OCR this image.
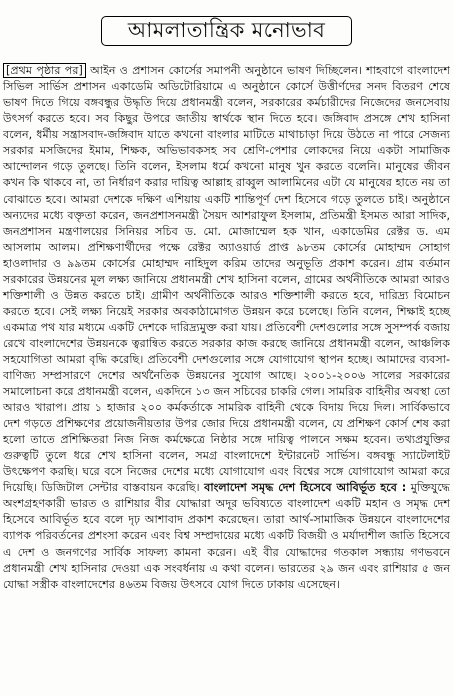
আমলাতান্ত্রিক মনোভাব
[প্রথম পৃষ্ঠার পর] আইন ও প্রশাসন কোর্সের সমাপনী অনুষ্ঠানে ভাষণ দিচ্ছিলেন। শাহবাগে বাংলাদেশ সিভিল সার্ভিস প্রশাসন একাডেমি অডিটোরিয়ামে এ অনুষ্ঠানে কোর্সে উত্তীর্ণদের সনদ বিতরণ শেষে ভাষণ দিতে গিয়ে বঙ্গবন্ধুর উদ্ধৃতি দিয়ে প্রধানমন্ত্রী বলেন, সরকারের কর্মচারীদের নিজেদের জনসেবায় উৎসর্গ করতে হবে। সব কিছুর উপরে জাতীয় স্বার্থকে স্থান দিতে হবে। জঙ্গিবাদ প্রসঙ্গে শেখ হাসিনা বলেন, ধর্মীয় সন্ত্রাসবাদ-জঙ্গিবাদ যাতে কখনো বাংলার মাটিতে মাথাচাড়া দিয়ে উঠতে না পারে সেজন্য সরকার মসজিদের ইমাম, শিক্ষক, অভিভাবকসহ সব শ্রেণি-পেশার লোকদের নিয়ে একটা সামাজিক আন্দোলন গড়ে তুলছে। তিনি বলেন, ইসলাম ধর্মে কখনো মানুষ খুন করতে বলেনি। মানুষের জীবন কখন কি থাকবে না, তা নির্ধারণ করার দায়িত্ব আল্লাহ রাব্বুল আলামিনের এটা যে মানুষের হাতে নয় তা বোঝাতে হবে। আমরা দেশকে দক্ষিণ এশিয়ায় একটি শান্তিপূর্ণ দেশ হিসেবে গড়ে তুলতে চাই। অনুষ্ঠানে অন্যদের মধ্যে বক্তৃতা করেন, জনপ্রশাসনমন্ত্রী সৈয়দ আশরাফুল ইসলাম, প্রতিমন্ত্রী ইসমত আরা সাদিক, জনপ্রশাসন মন্ত্রণালয়ের সিনিয়র সচিব ড. মো. মোজাম্মেল হক খান, একাডেমির রেক্টর ড. এম আসলাম আলম। প্রশিক্ষণার্থীদের পক্ষে রেক্টর অ্যাওয়ার্ড প্রাপ্ত ৯৮তম কোর্সের মোহাম্মদ সোহাগ হাওলাদার ও ৯৯তম কোর্সের মোহাম্মদ নাহিদুল করিম তাদের অনুভূতি প্রকাশ করেন। গ্রাম বর্তমান সরকারের উন্নয়নের মূল লক্ষ্য জানিয়ে প্রধানমন্ত্রী শেখ হাসিনা বলেন, গ্রামের অর্থনীতিকে আমরা আরও শক্তিশালী ও উন্নত করতে চাই। গ্রামীণ অর্থনীতিকে আরও শক্তিশালী করতে হবে, দারিদ্র্য বিমোচন করতে হবে। সেই লক্ষ্য নিয়েই সরকার অবকাঠামোগত উন্নয়ন করে চলেছে। তিনি বলেন, শিক্ষাই হচ্ছে একমাত্র পথ যার মধ্যমে একটি দেশকে দারিদ্র্যমুক্ত করা যায়। প্রতিবেশী দেশগুলোর সঙ্গে সুসম্পর্ক বজায় রেখে বাংলাদেশের উন্নয়নকে ত্বরান্বিত করতে সরকার কাজ করছে জানিয়ে প্রধানমন্ত্রী বলেন, আঞ্চলিক সহযোগিতা আমরা বৃদ্ধি করেছি। প্রতিবেশী দেশগুলোর সঙ্গে যোগাযোগ স্থাপন হচ্ছে। আমাদের ব্যবসা-বাণিজ্য সম্প্রসারণে দেশের অর্থনৈতিক উন্নয়নের সুযোগ আছে। ২০০১-২০০৬ সালের সরকারের সমালোচনা করে প্রধানমন্ত্রী বলেন, একদিনে ১৩ জন সচিবের চাকরি গেল। সামরিক বাহিনীর অবস্থা তো আরও খারাপ। প্রায় ১ হাজার ২০০ কর্মকর্তাকে সামরিক বাহিনী থেকে বিদায় দিয়ে দিল। সার্বিকভাবে দেশ গড়তে প্রশিক্ষণের প্রয়োজনীয়তার উপর জোর দিয়ে প্রধানমন্ত্রী বলেন, যে প্রশিক্ষণ কোর্স শেষ করা হলো তাতে প্রশিক্ষিতরা নিজ নিজ কর্মক্ষেত্রে নিষ্ঠার সঙ্গে দায়িত্ব পালনে সক্ষম হবেন। তথ্যপ্রযুক্তির গুরুত্বটি তুলে ধরে শেখ হাসিনা বলেন, সমগ্র বাংলাদেশে ইন্টারনেট সার্ভিস। বঙ্গবন্ধু স্যাটেলাইট উৎক্ষেপণ করছি। ঘরে বসে নিজের দেশের মধ্যে যোগাযোগ এবং বিশ্বের সঙ্গে যোগাযোগ আমরা করে দিয়েছি। ডিজিটাল সেন্টার বাস্তবায়ন করেছি। বাংলাদেশ সমৃদ্ধ দেশ হিসেবে আবির্ভূত হবে : মুক্তিযুদ্ধে অংশগ্রহণকারী ভারত ও রাশিয়ার বীর যোদ্ধারা অদূর ভবিষ্যতে বাংলাদেশ একটি মহান ও সমৃদ্ধ দেশ হিসেবে আবির্ভূত হবে বলে দৃঢ় আশাবাদ প্রকাশ করেছেন। তারা আর্থ-সামাজিক উন্নয়নে বাংলাদেশের ব্যাপক পরিবর্তনের প্রশংসা করেন এবং বিশ্ব সম্প্রদায়ের মধ্যে একটি বিজয়ী ও মর্যাদাশীল জাতি হিসেবে এ দেশ ও জনগণের সার্বিক সাফল্য কামনা করেন। এই বীর যোদ্ধাদের গতকাল সন্ধ্যায় গণভবনে প্রধানমন্ত্রী শেখ হাসিনার দেওয়া এক সংবর্ধনায় এ কথা বলেন। ভারতের ২৯ জন এবং রাশিয়ার ৫ জন যোদ্ধা সস্ত্রীক বাংলাদেশের ৪৬তম বিজয় উৎসবে যোগ দিতে ঢাকায় এসেছেন।
